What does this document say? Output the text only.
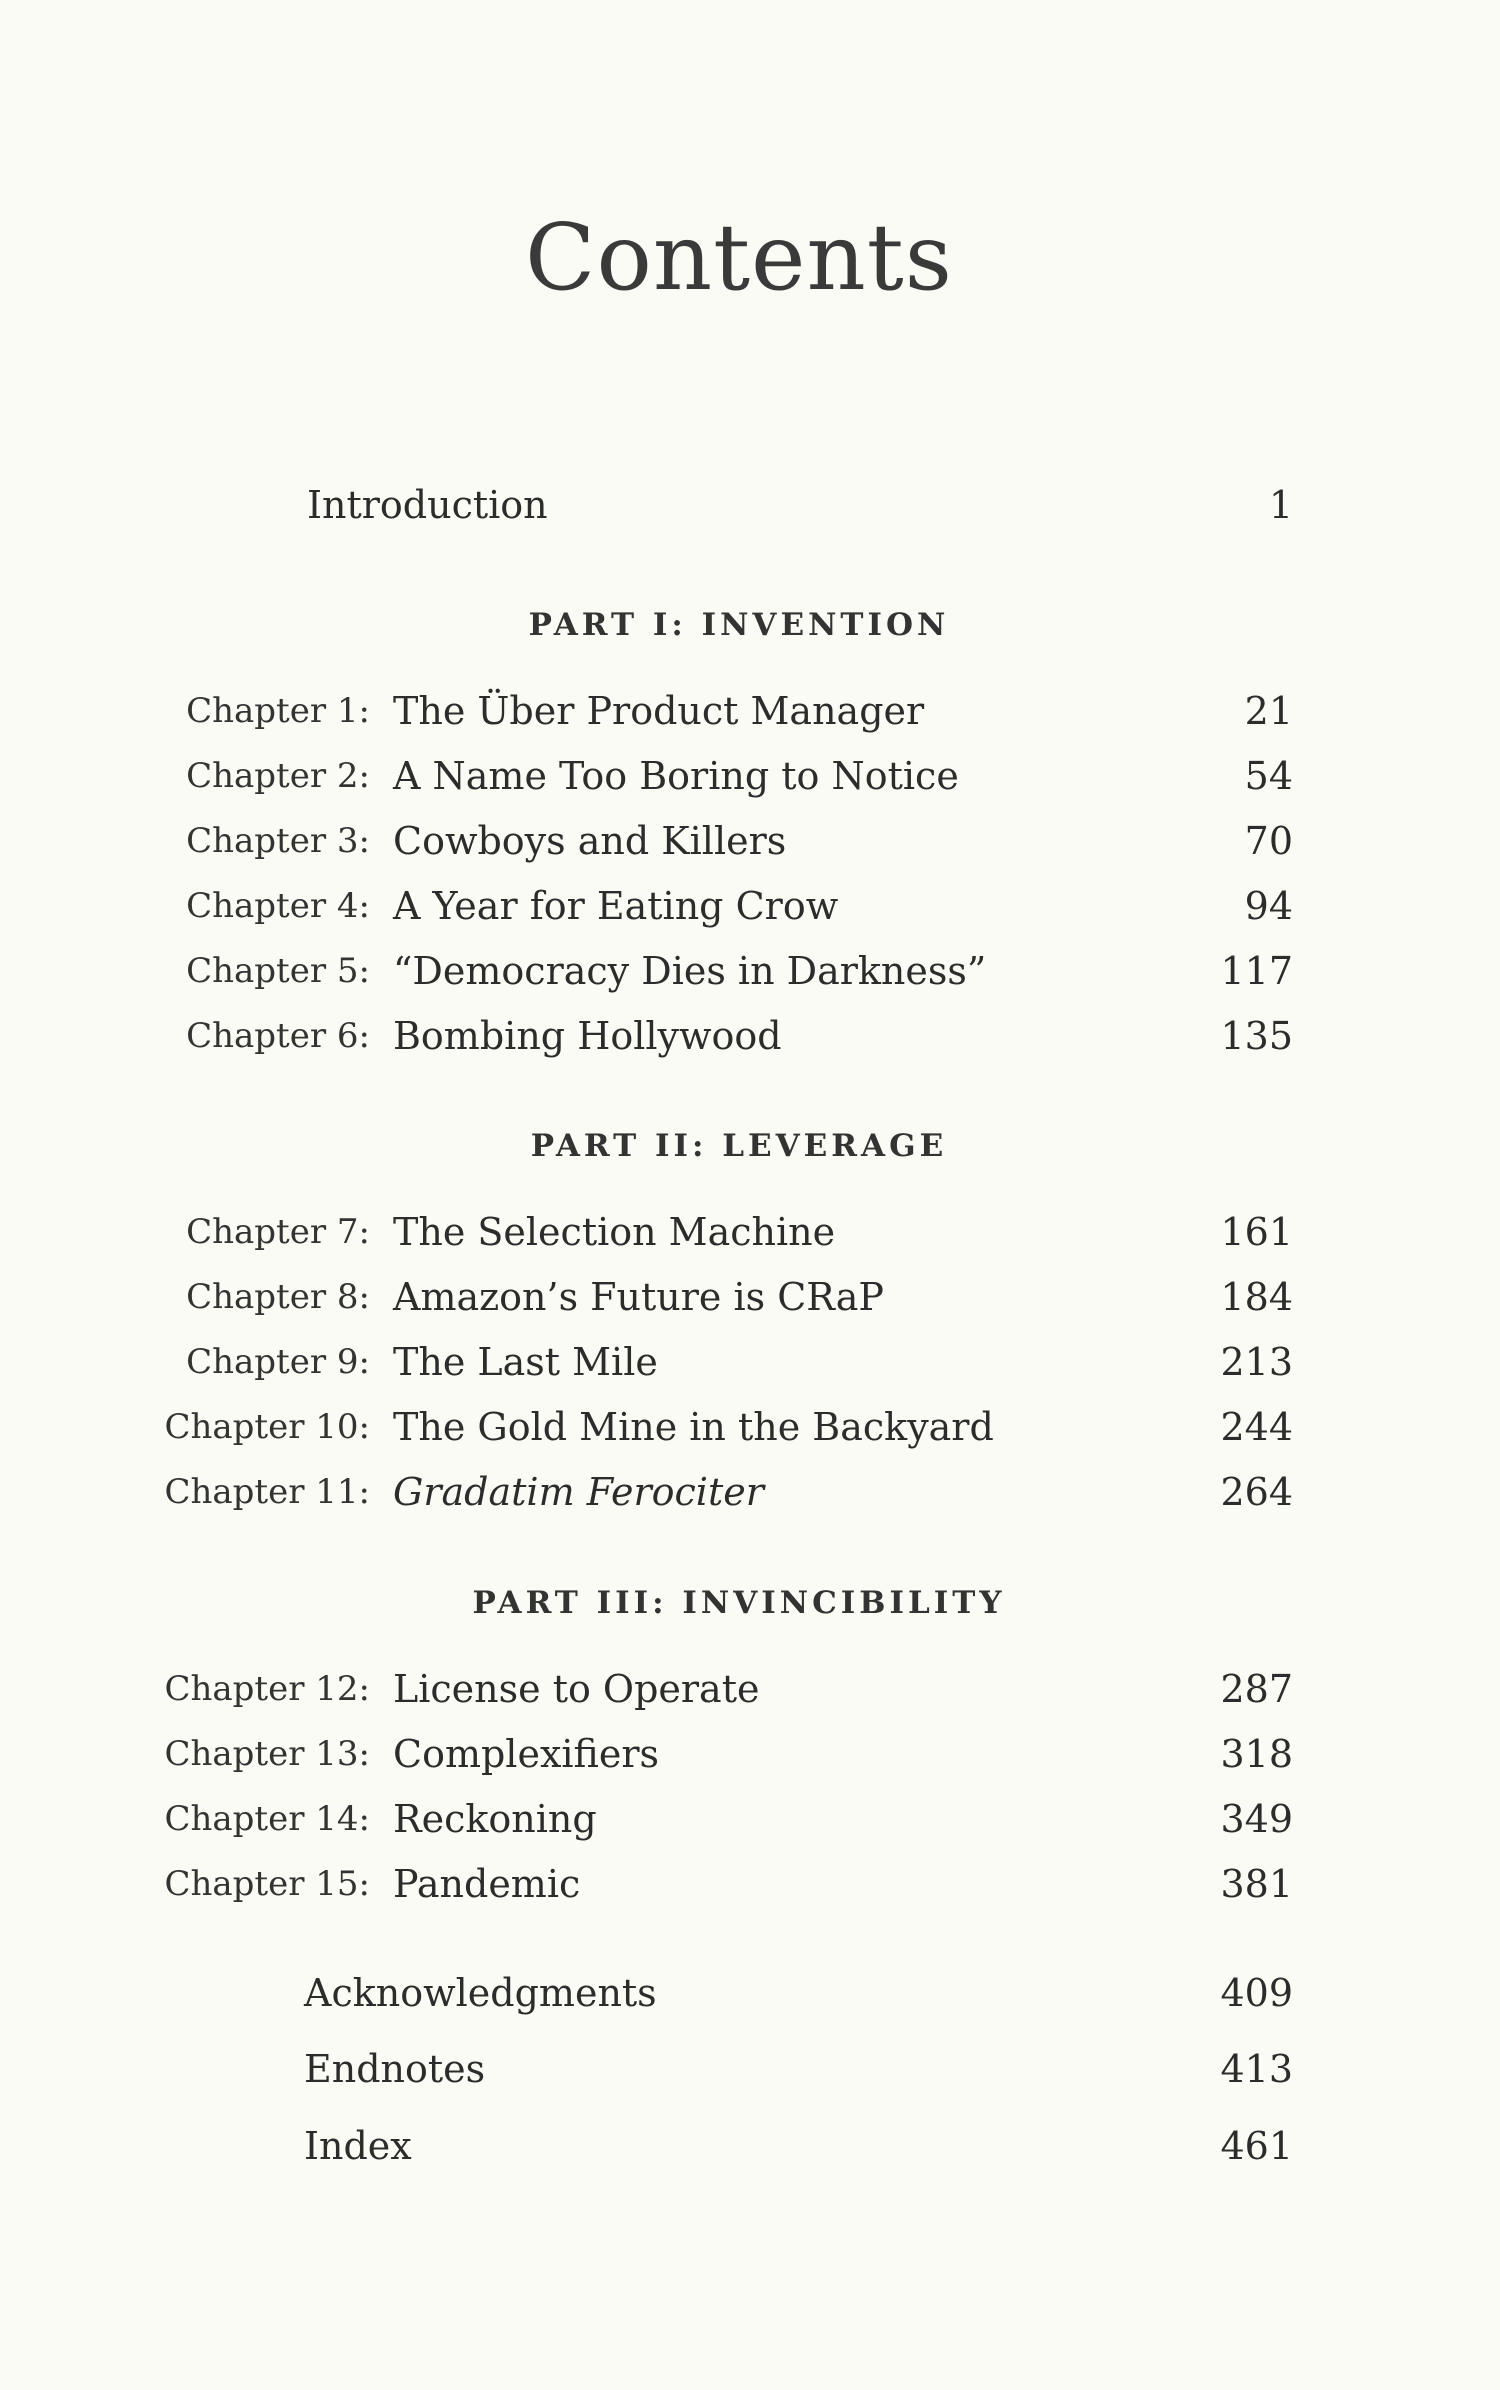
Contents
Introduction	1
PART I: INVENTION
Chapter 1: The Über Product Manager	21
Chapter 2: A Name Too Boring to Notice	54
Chapter 3: Cowboys and Killers	70
Chapter 4: A Year for Eating Crow	94
Chapter 5: “Democracy Dies in Darkness”	117
Chapter 6: Bombing Hollywood	135
PART II: LEVERAGE
Chapter 7: The Selection Machine	161
Chapter 8: Amazon’s Future is CRaP	184
Chapter 9: The Last Mile	213
Chapter 10: The Gold Mine in the Backyard	244
Chapter 11: Gradatim Ferociter	264
PART III: INVINCIBILITY
Chapter 12: License to Operate	287
Chapter 13: Complexifiers	318
Chapter 14: Reckoning	349
Chapter 15: Pandemic	381
Acknowledgments	409
Endnotes	413
Index	461
